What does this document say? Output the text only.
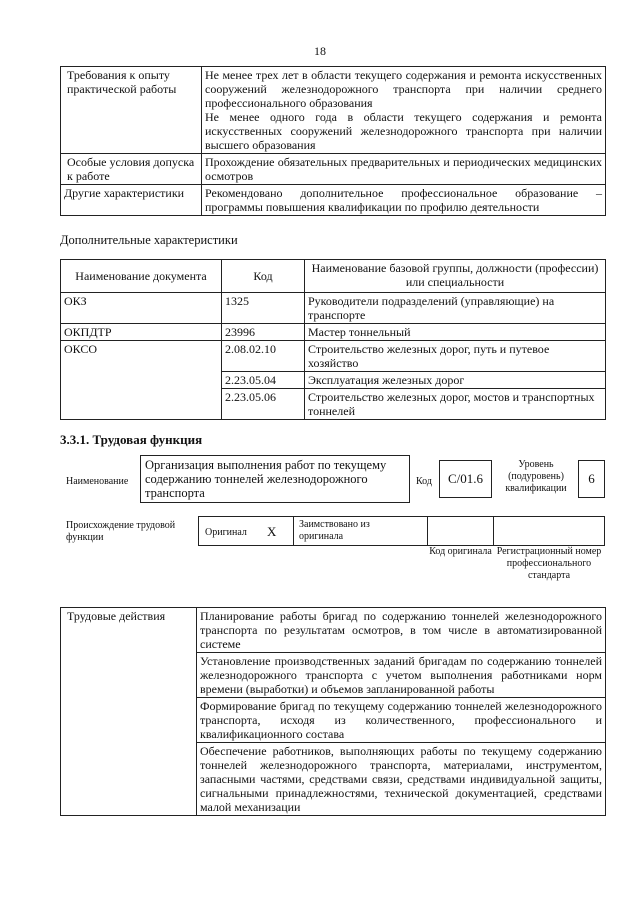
18
Требования к опыту практической работы	Не менее трех лет в области текущего содержания и ремонта искусственных сооружений железнодорожного транспорта при наличии среднего профессионального образования
Не менее одного года в области текущего содержания и ремонта искусственных сооружений железнодорожного транспорта при наличии высшего образования

Особые условия допуска к работе	Прохождение обязательных предварительных и периодических медицинских осмотров
Другие характеристики	Рекомендовано дополнительное профессиональное образование – программы повышения квалификации по профилю деятельности
Дополнительные характеристики
Наименование документа	Код	Наименование базовой группы, должности (профессии) или специальности
ОКЗ	1325	Руководители подразделений (управляющие) на транспорте
ОКПДТР	23996	Мастер тоннельный
ОКСО	2.08.02.10	Строительство железных дорог, путь и путевое хозяйство
	2.23.05.04	Эксплуатация железных дорог
	2.23.05.06	Строительство железных дорог, мостов и транспортных тоннелей
3.3.1. Трудовая функция
Наименование
Организация выполнения работ по текущему содержанию тоннелей железнодорожного транспорта
Код	C/01.6
Уровень (подуровень) квалификации
6
Происхождение трудовой функции	Оригинал X Заимствовано из оригинала
Код оригинала Регистрационный номер профессионального стандарта
Трудовые действия	Планирование работы бригад по содержанию тоннелей железнодорожного транспорта по результатам осмотров, в том числе в автоматизированной системе
Установление производственных заданий бригадам по содержанию тоннелей железнодорожного транспорта с учетом выполнения работниками норм времени (выработки) и объемов запланированной работы
Формирование бригад по текущему содержанию тоннелей железнодорожного транспорта, исходя из количественного, профессионального и квалификационного состава
Обеспечение работников, выполняющих работы по текущему содержанию тоннелей железнодорожного транспорта, материалами, инструментом, запасными частями, средствами связи, средствами индивидуальной защиты, сигнальными принадлежностями, технической документацией, средствами малой механизации
